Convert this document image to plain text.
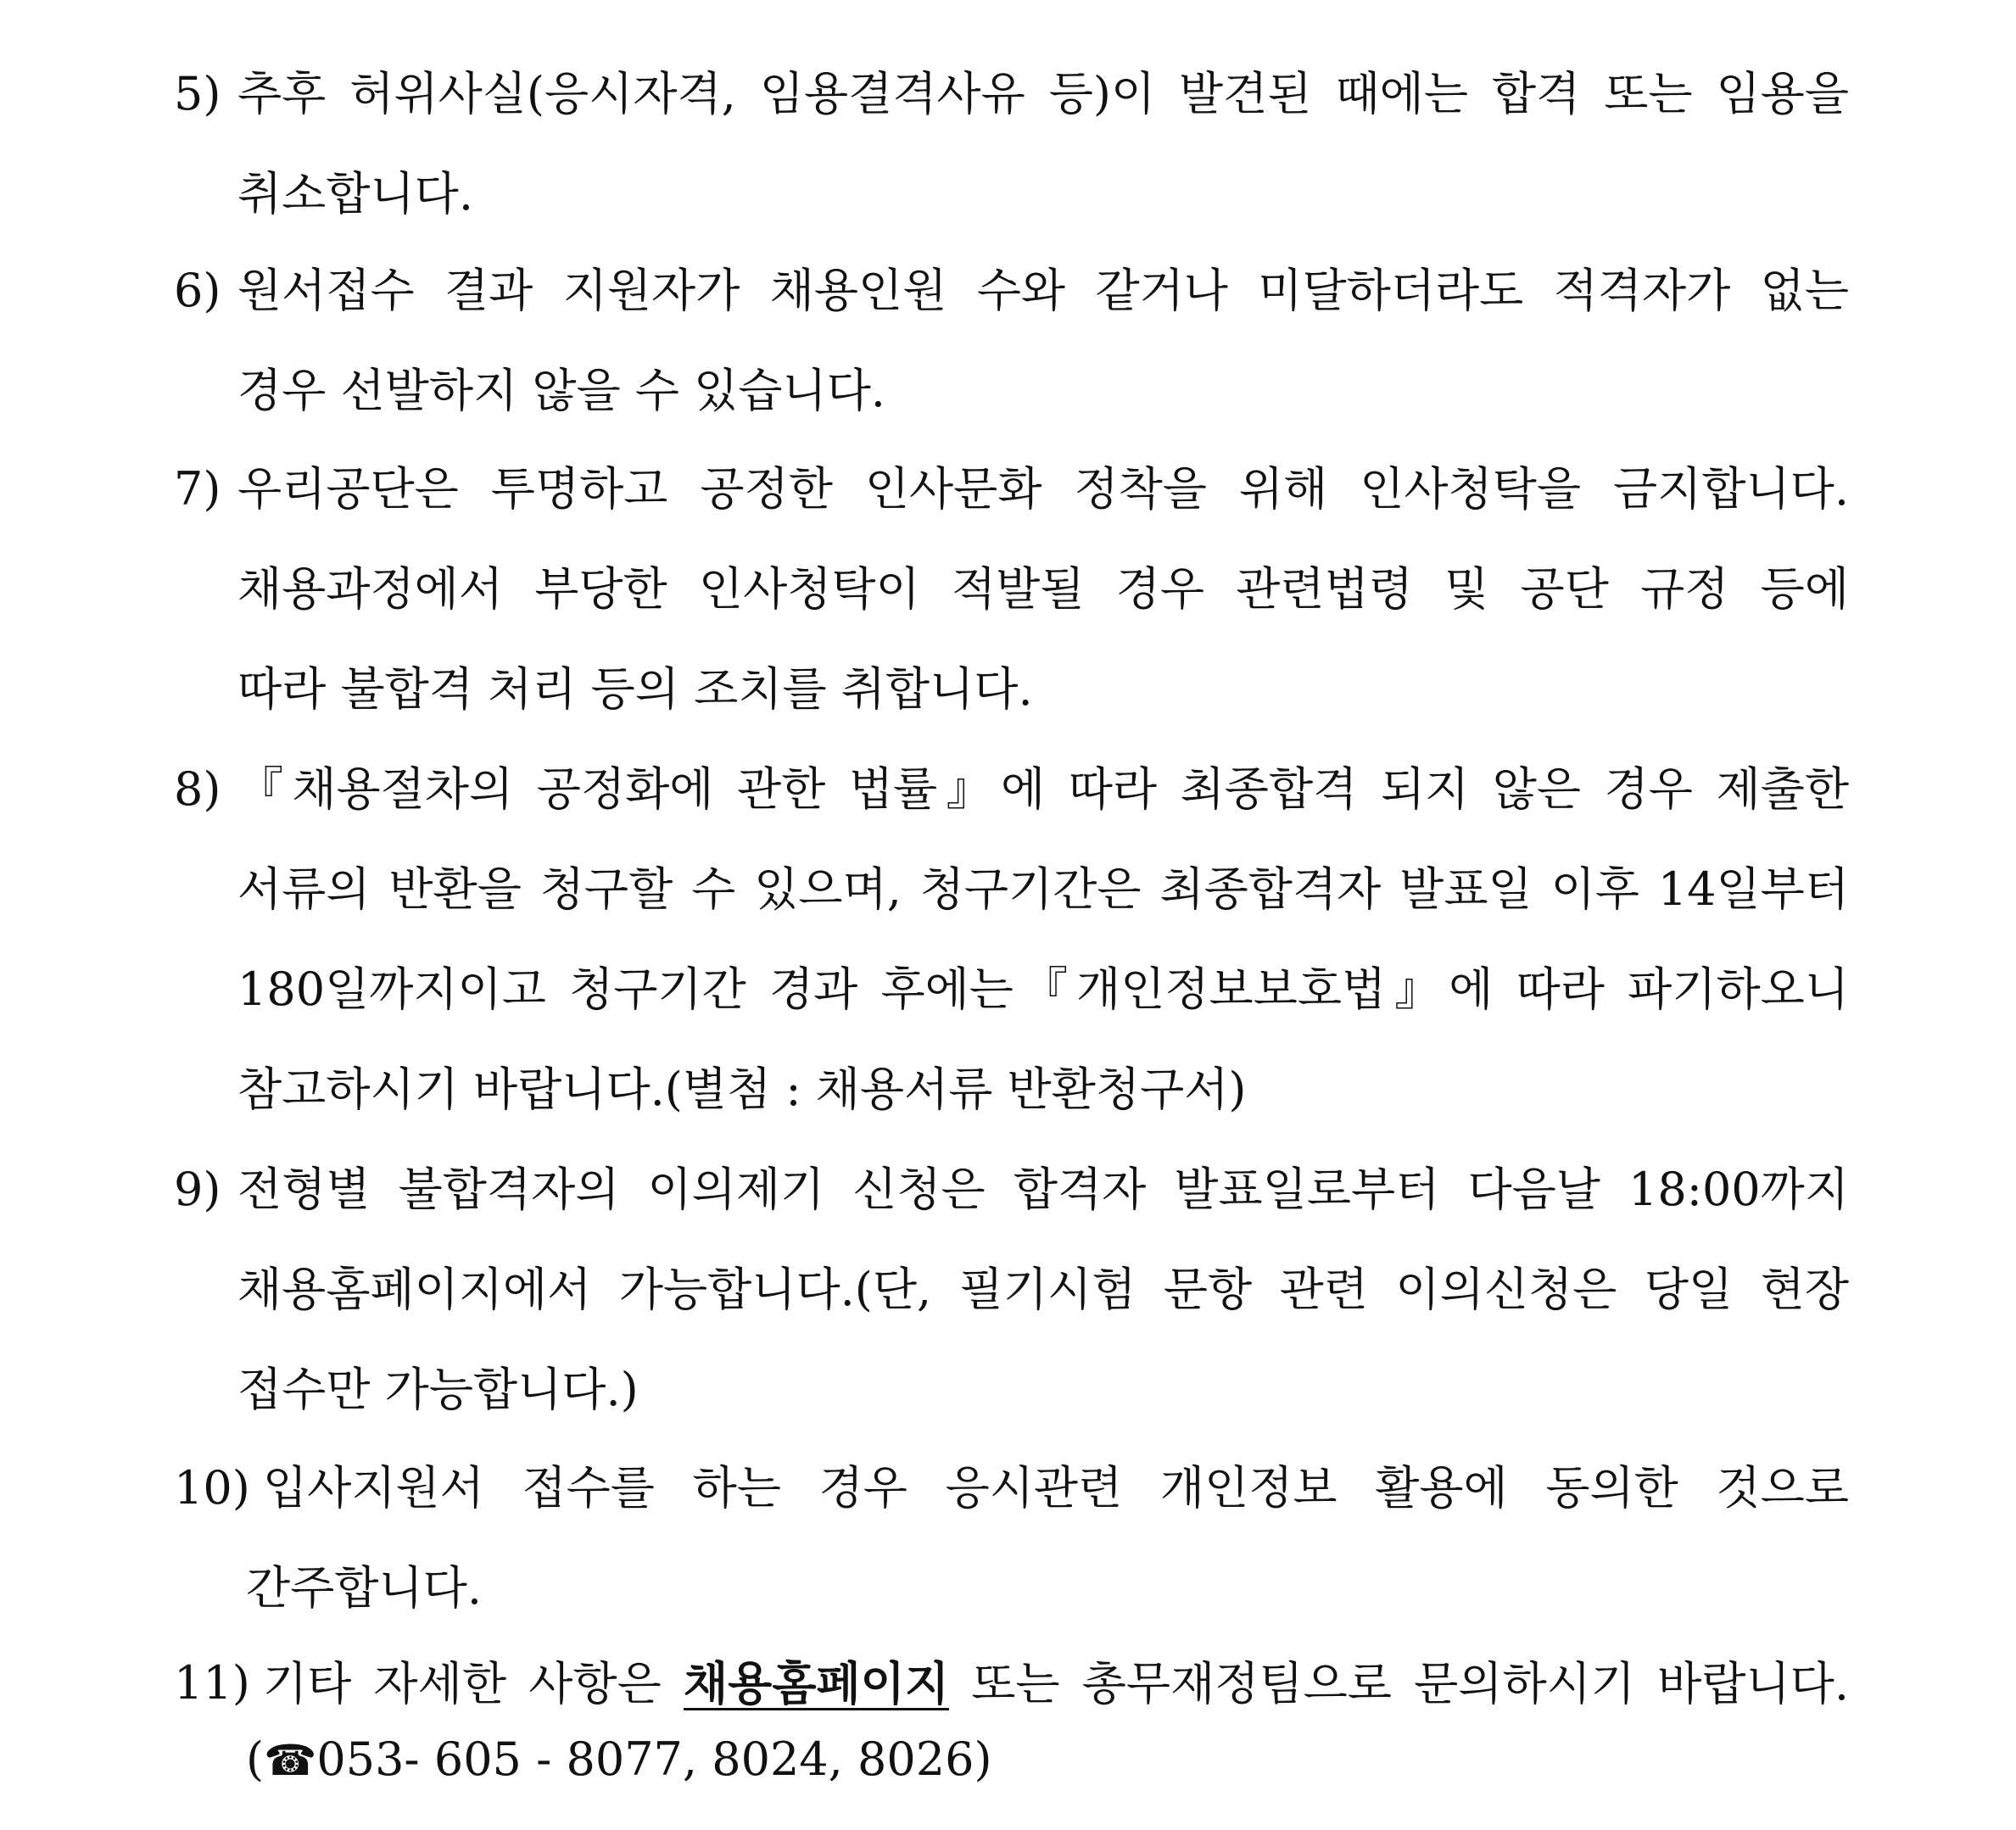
5) 추후 허위사실(응시자격, 임용결격사유 등)이 발견된 때에는 합격 또는 임용을
취소합니다.
6) 원서접수 결과 지원자가 채용인원 수와 같거나 미달하더라도 적격자가 없는
경우 선발하지 않을 수 있습니다.
7) 우리공단은 투명하고 공정한 인사문화 정착을 위해 인사청탁을 금지합니다.
채용과정에서 부당한 인사청탁이 적발될 경우 관련법령 및 공단 규정 등에
따라 불합격 처리 등의 조치를 취합니다.
8) 『채용절차의 공정화에 관한 법률』에 따라 최종합격 되지 않은 경우 제출한
서류의 반환을 청구할 수 있으며, 청구기간은 최종합격자 발표일 이후 14일부터
180일까지이고 청구기간 경과 후에는『개인정보보호법』에 따라 파기하오니
참고하시기 바랍니다.(별첨 : 채용서류 반환청구서)
9) 전형별 불합격자의 이의제기 신청은 합격자 발표일로부터 다음날 18:00까지
채용홈페이지에서 가능합니다.(단, 필기시험 문항 관련 이의신청은 당일 현장
접수만 가능합니다.)
10) 입사지원서 접수를 하는 경우 응시관련 개인정보 활용에 동의한 것으로
간주합니다.
11) 기타 자세한 사항은 채용홈페이지 또는 총무재정팀으로 문의하시기 바랍니다.
(☎053- 605 - 8077, 8024, 8026)
